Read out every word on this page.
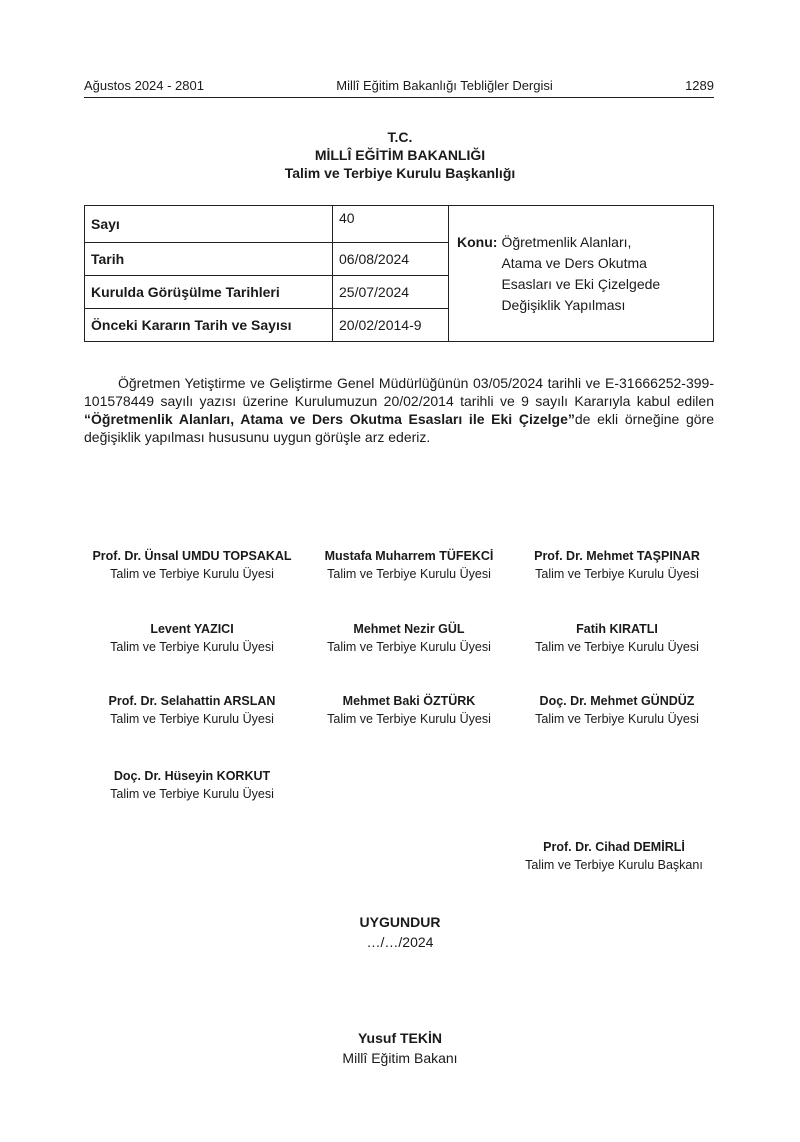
Ağustos 2024 - 2801	Millî Eğitim Bakanlığı Tebliğler Dergisi	1289
T.C.
MİLLÎ EĞİTİM BAKANLIĞI
Talim ve Terbiye Kurulu Başkanlığı
Sayı	40	Konu: Öğretmenlik Alanları,
Atama ve Ders Okutma
Esasları ve Eki Çizelgede
Değişiklik Yapılması

Tarih	06/08/2024	
Kurulda Görüşülme Tarihleri	25/07/2024	
Önceki Kararın Tarih ve Sayısı	20/02/2014-9	

Öğretmen Yetiştirme ve Geliştirme Genel Müdürlüğünün 03/05/2024 tarihli ve E-31666252-399-101578449 sayılı yazısı üzerine Kurulumuzun 20/02/2014 tarihli ve 9 sayılı Kararıyla kabul edilen “Öğretmenlik Alanları, Atama ve Ders Okutma Esasları ile Eki Çizelge”de ekli örneğine göre değişiklik yapılması hususunu uygun görüşle arz ederiz.

Prof. Dr. Ünsal UMDU TOPSAKAL
Talim ve Terbiye Kurulu Üyesi
Mustafa Muharrem TÜFEKCİ
Talim ve Terbiye Kurulu Üyesi
Prof. Dr. Mehmet TAŞPINAR
Talim ve Terbiye Kurulu Üyesi
Levent YAZICI
Talim ve Terbiye Kurulu Üyesi
Mehmet Nezir GÜL
Talim ve Terbiye Kurulu Üyesi
Fatih KIRATLI
Talim ve Terbiye Kurulu Üyesi
Prof. Dr. Selahattin ARSLAN
Talim ve Terbiye Kurulu Üyesi
Mehmet Baki ÖZTÜRK
Talim ve Terbiye Kurulu Üyesi
Doç. Dr. Mehmet GÜNDÜZ
Talim ve Terbiye Kurulu Üyesi
Doç. Dr. Hüseyin KORKUT
Talim ve Terbiye Kurulu Üyesi
Prof. Dr. Cihad DEMİRLİ
Talim ve Terbiye Kurulu Başkanı
UYGUNDUR
…/…/2024
Yusuf TEKİN
Millî Eğitim Bakanı
